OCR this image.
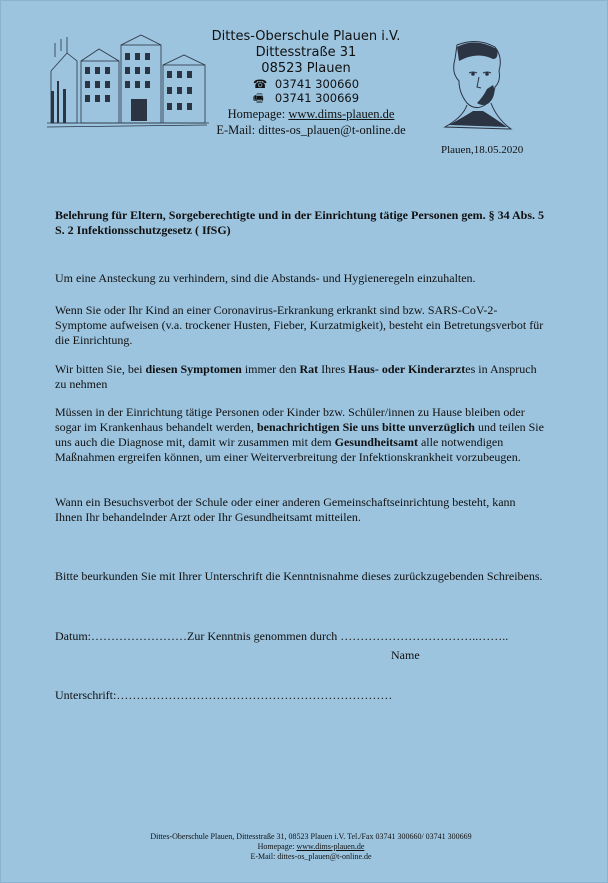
Dittes-Oberschule Plauen i.V.
Dittesstraße 31
08523 Plauen
☎ 03741 300660
🖷 03741 300669
Homepage: www.dims-plauen.de
E-Mail: dittes-os_plauen@t-online.de
Plauen,18.05.2020
Belehrung für Eltern, Sorgeberechtigte und in der Einrichtung tätige Personen gem. § 34 Abs. 5 S. 2 Infektionsschutzgesetz ( IfSG)
Um eine Ansteckung zu verhindern, sind die Abstands- und Hygieneregeln einzuhalten.
Wenn Sie oder Ihr Kind an einer Coronavirus-Erkrankung erkrankt sind bzw. SARS-CoV-2-Symptome aufweisen (v.a. trockener Husten, Fieber, Kurzatmigkeit), besteht ein Betretungsverbot für die Einrichtung.
Wir bitten Sie, bei diesen Symptomen immer den Rat Ihres Haus- oder Kinderarztes in Anspruch zu nehmen
Müssen in der Einrichtung tätige Personen oder Kinder bzw. Schüler/innen zu Hause bleiben oder sogar im Krankenhaus behandelt werden, benachrichtigen Sie uns bitte unverzüglich und teilen Sie uns auch die Diagnose mit, damit wir zusammen mit dem Gesundheitsamt alle notwendigen Maßnahmen ergreifen können, um einer Weiterverbreitung der Infektionskrankheit vorzubeugen.
Wann ein Besuchsverbot der Schule oder einer anderen Gemeinschaftseinrichtung besteht, kann Ihnen Ihr behandelnder Arzt oder Ihr Gesundheitsamt mitteilen.
Bitte beurkunden Sie mit Ihrer Unterschrift die Kenntnisnahme dieses zurückzugebenden Schreibens.
Datum:……………………Zur Kenntnis genommen durch ……………………………..……..
Name
Unterschrift:……………………………………………………………
Dittes-Oberschule Plauen, Dittesstraße 31, 08523 Plauen i.V. Tel./Fax 03741 300660/ 03741 300669
Homepage: www.dims-plauen.de
E-Mail: dittes-os_plauen@t-online.de
